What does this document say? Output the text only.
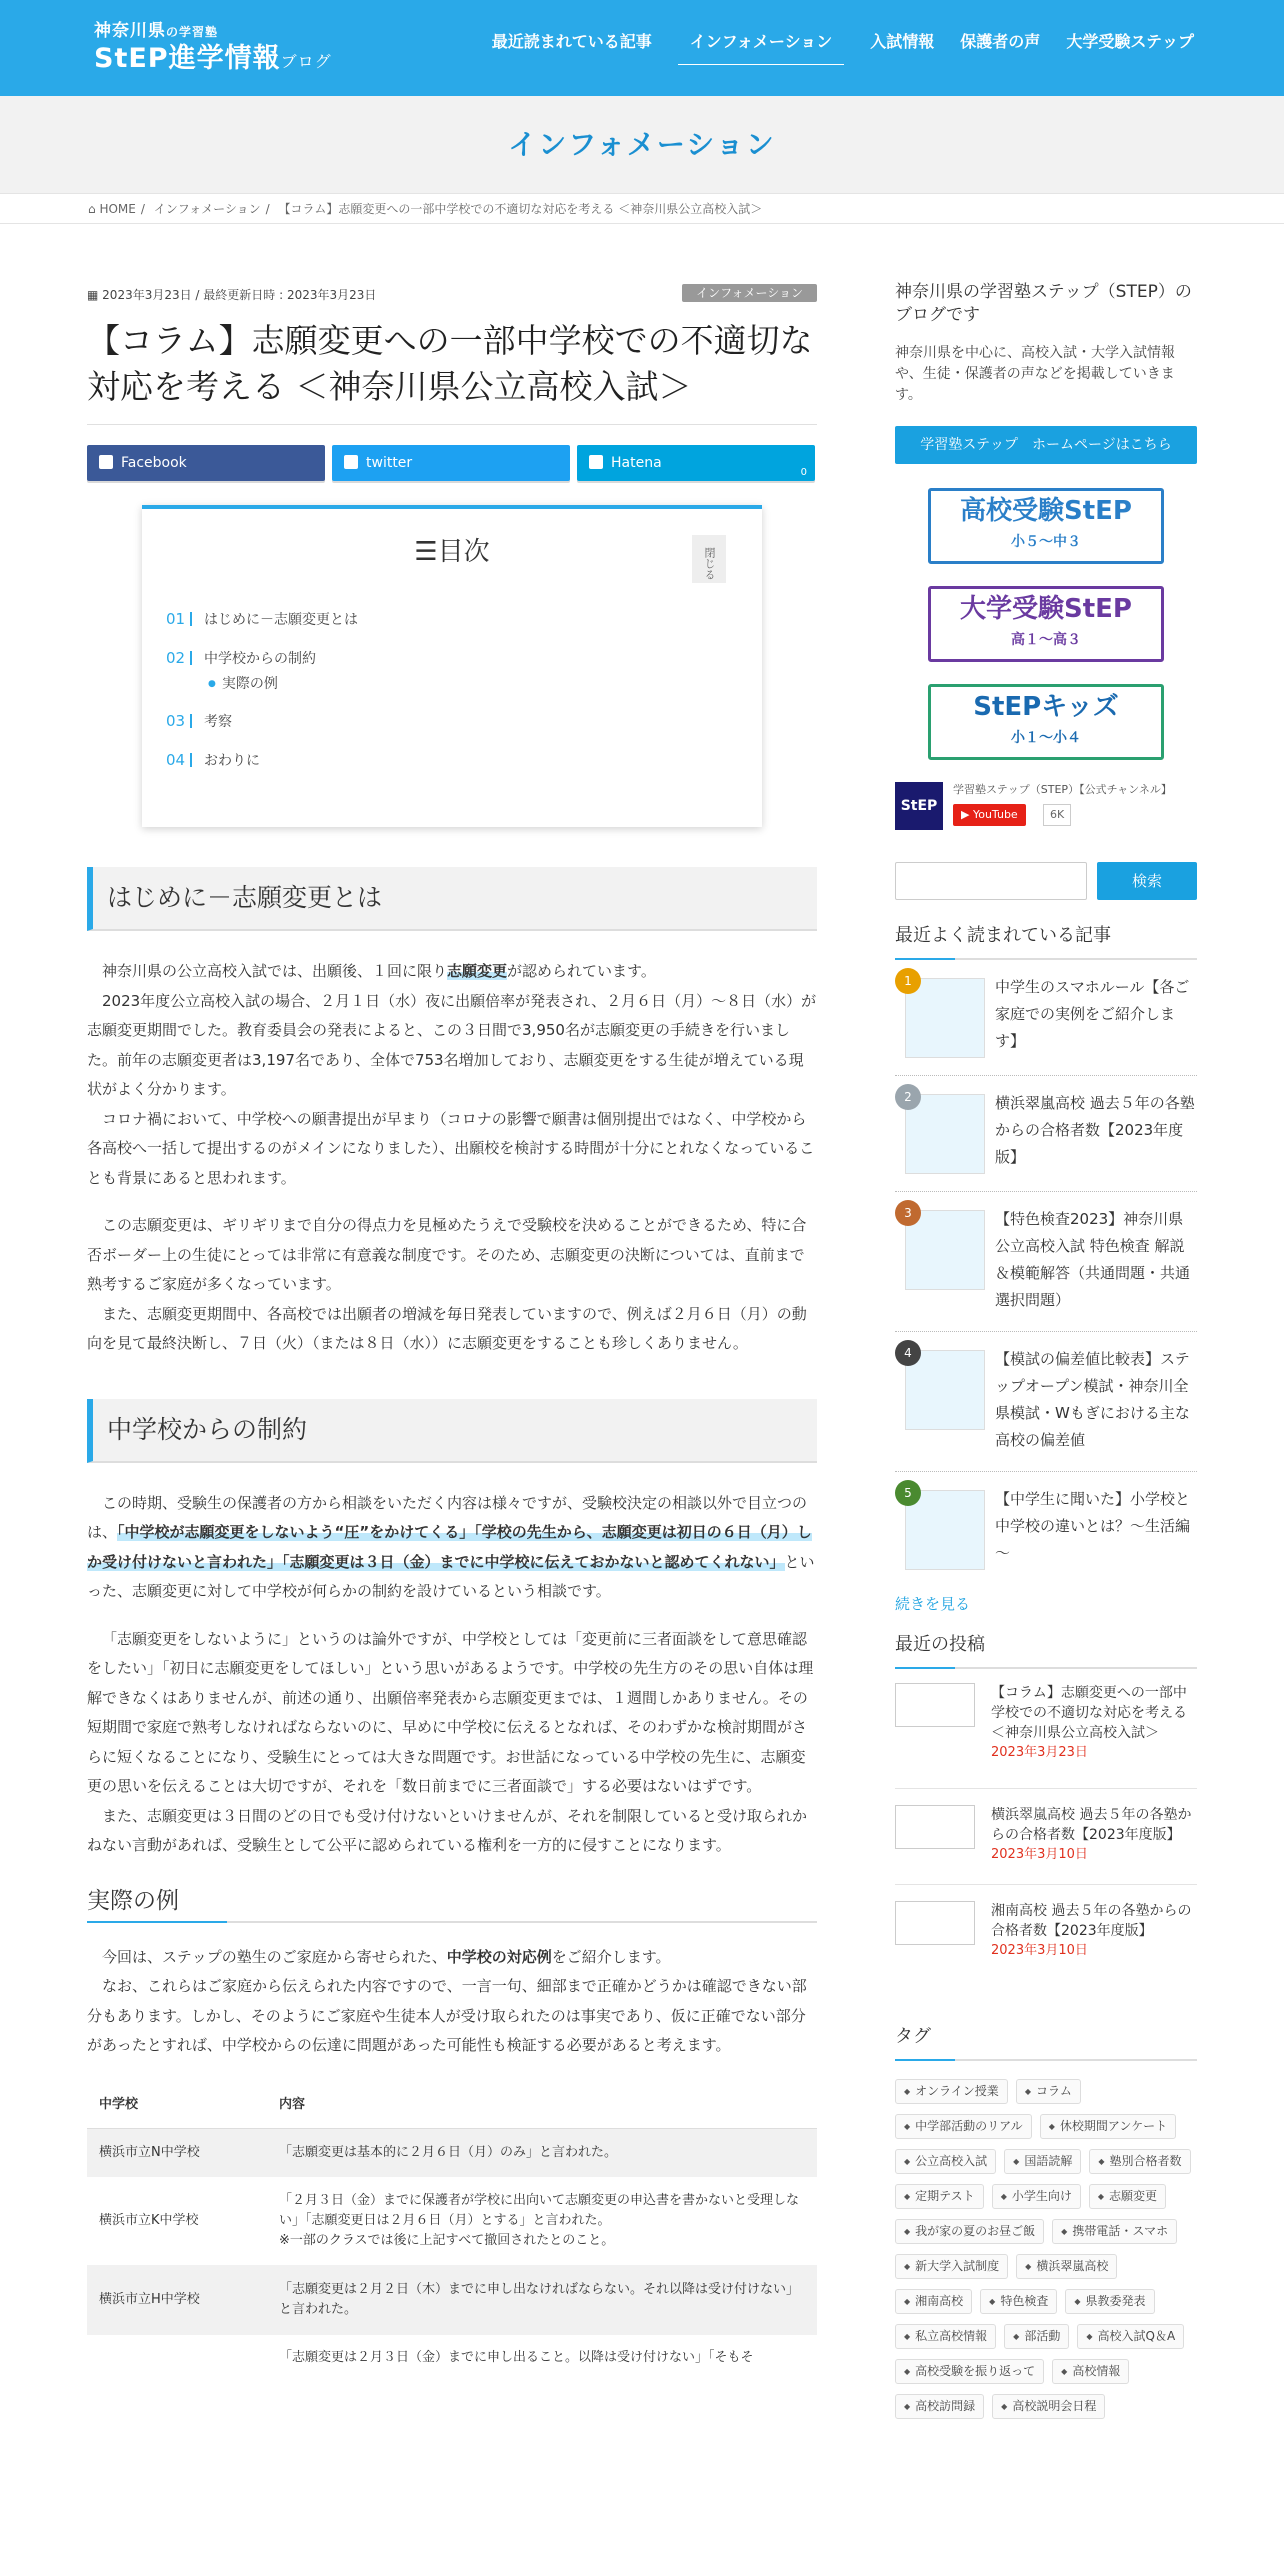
神奈川県の学習塾
StEP進学情報ブログ
最近読まれている記事	インフォメーション	入試情報 保護者の声 大学受験ステップ
インフォメーション
⌂ HOME / インフォメーション / 【コラム】志願変更への一部中学校での不適切な対応を考える ＜神奈川県公立高校入試＞
▦ 2023年3月23日 / 最終更新日時 : 2023年3月23日	インフォメーション
【コラム】志願変更への一部中学校での不適切な対応を考える ＜神奈川県公立高校入試＞
Facebook	twitter	Hatena
0
☰目次	閉じる
01 はじめに－志願変更とは
02 中学校からの制約
● 実際の例
03 考察
04 おわりに
はじめに－志願変更とは

 神奈川県の公立高校入試では、出願後、１回に限り志願変更が認められています。

 2023年度公立高校入試の場合、２月１日（水）夜に出願倍率が発表され、２月６日（月）～８日（水）が志願変更期間でした。教育委員会の発表によると、この３日間で3,950名が志願変更の手続きを行いました。前年の志願変更者は3,197名であり、全体で753名増加しており、志願変更をする生徒が増えている現状がよく分かります。

 コロナ禍において、中学校への願書提出が早まり（コロナの影響で願書は個別提出ではなく、中学校から各高校へ一括して提出するのがメインになりました）、出願校を検討する時間が十分にとれなくなっていることも背景にあると思われます。

 この志願変更は、ギリギリまで自分の得点力を見極めたうえで受験校を決めることができるため、特に合否ボーダー上の生徒にとっては非常に有意義な制度です。そのため、志願変更の決断については、直前まで熟考するご家庭が多くなっています。

 また、志願変更期間中、各高校では出願者の増減を毎日発表していますので、例えば２月６日（月）の動向を見て最終決断し、７日（火）（または８日（水））に志願変更をすることも珍しくありません。

中学校からの制約

 この時期、受験生の保護者の方から相談をいただく内容は様々ですが、受験校決定の相談以外で目立つのは、「中学校が志願変更をしないよう“圧”をかけてくる」「学校の先生から、志願変更は初日の６日（月）しか受け付けないと言われた」「志願変更は３日（金）までに中学校に伝えておかないと認めてくれない」といった、志願変更に対して中学校が何らかの制約を設けているという相談です。

 「志願変更をしないように」というのは論外ですが、中学校としては「変更前に三者面談をして意思確認をしたい」「初日に志願変更をしてほしい」という思いがあるようです。中学校の先生方のその思い自体は理解できなくはありませんが、前述の通り、出願倍率発表から志願変更までは、１週間しかありません。その短期間で家庭で熟考しなければならないのに、早めに中学校に伝えるとなれば、そのわずかな検討期間がさらに短くなることになり、受験生にとっては大きな問題です。お世話になっている中学校の先生に、志願変更の思いを伝えることは大切ですが、それを「数日前までに三者面談で」する必要はないはずです。

 また、志願変更は３日間のどの日でも受け付けないといけませんが、それを制限していると受け取られかねない言動があれば、受験生として公平に認められている権利を一方的に侵すことになります。

実際の例

 今回は、ステップの塾生のご家庭から寄せられた、中学校の対応例をご紹介します。

 なお、これらはご家庭から伝えられた内容ですので、一言一句、細部まで正確かどうかは確認できない部分もあります。しかし、そのようにご家庭や生徒本人が受け取られたのは事実であり、仮に正確でない部分があったとすれば、中学校からの伝達に問題があった可能性も検証する必要があると考えます。

中学校	内容
横浜市立N中学校	「志願変更は基本的に２月６日（月）のみ」と言われた。
横浜市立K中学校	「２月３日（金）までに保護者が学校に出向いて志願変更の申込書を書かないと受理しない」「志願変更日は２月６日（月）とする」と言われた。
※一部のクラスでは後に上記すべて撤回されたとのこと。
横浜市立H中学校	「志願変更は２月２日（木）までに申し出なければならない。それ以降は受け付けない」と言われた。
	「志願変更は２月３日（金）までに申し出ること。以降は受け付けない」「そもそ
神奈川県の学習塾ステップ（STEP）のブログです
神奈川県を中心に、高校入試・大学入試情報や、生徒・保護者の声などを掲載していきます。
学習塾ステップ　ホームページはこちら
高校受験StEP
小５～中３
大学受験StEP
高１～高３
StEPキッズ
小１～小４
StEP
学習塾ステップ（STEP）【公式チャンネル】
▶ YouTube	6K
検索
最近よく読まれている記事
1	中学生のスマホルール【各ご家庭での実例をご紹介します】
2	横浜翠嵐高校 過去５年の各塾からの合格者数【2023年度版】
3	【特色検査2023】神奈川県公立高校入試 特色検査 解説＆模範解答（共通問題・共通選択問題）
4	【模試の偏差値比較表】ステップオープン模試・神奈川全県模試・Wもぎにおける主な高校の偏差値
5	【中学生に聞いた】小学校と中学校の違いとは？～生活編～
続きを見る
最近の投稿
【コラム】志願変更への一部中学校での不適切な対応を考える ＜神奈川県公立高校入試＞
2023年3月23日
横浜翠嵐高校 過去５年の各塾からの合格者数【2023年度版】
2023年3月10日
湘南高校 過去５年の各塾からの合格者数【2023年度版】
2023年3月10日
タグ
◆ オンライン授業	◆ コラム
◆ 中学部活動のリアル	◆ 休校期間アンケート
◆ 公立高校入試	◆ 国語読解	◆ 塾別合格者数
◆ 定期テスト	◆ 小学生向け	◆ 志願変更
◆ 我が家の夏のお昼ご飯	◆ 携帯電話・スマホ
◆ 新大学入試制度	◆ 横浜翠嵐高校
◆ 湘南高校	◆ 特色検査	◆ 県教委発表
◆ 私立高校情報	◆ 部活動	◆ 高校入試Q＆A
◆ 高校受験を振り返って	◆ 高校情報
◆ 高校訪問録	◆ 高校説明会日程
